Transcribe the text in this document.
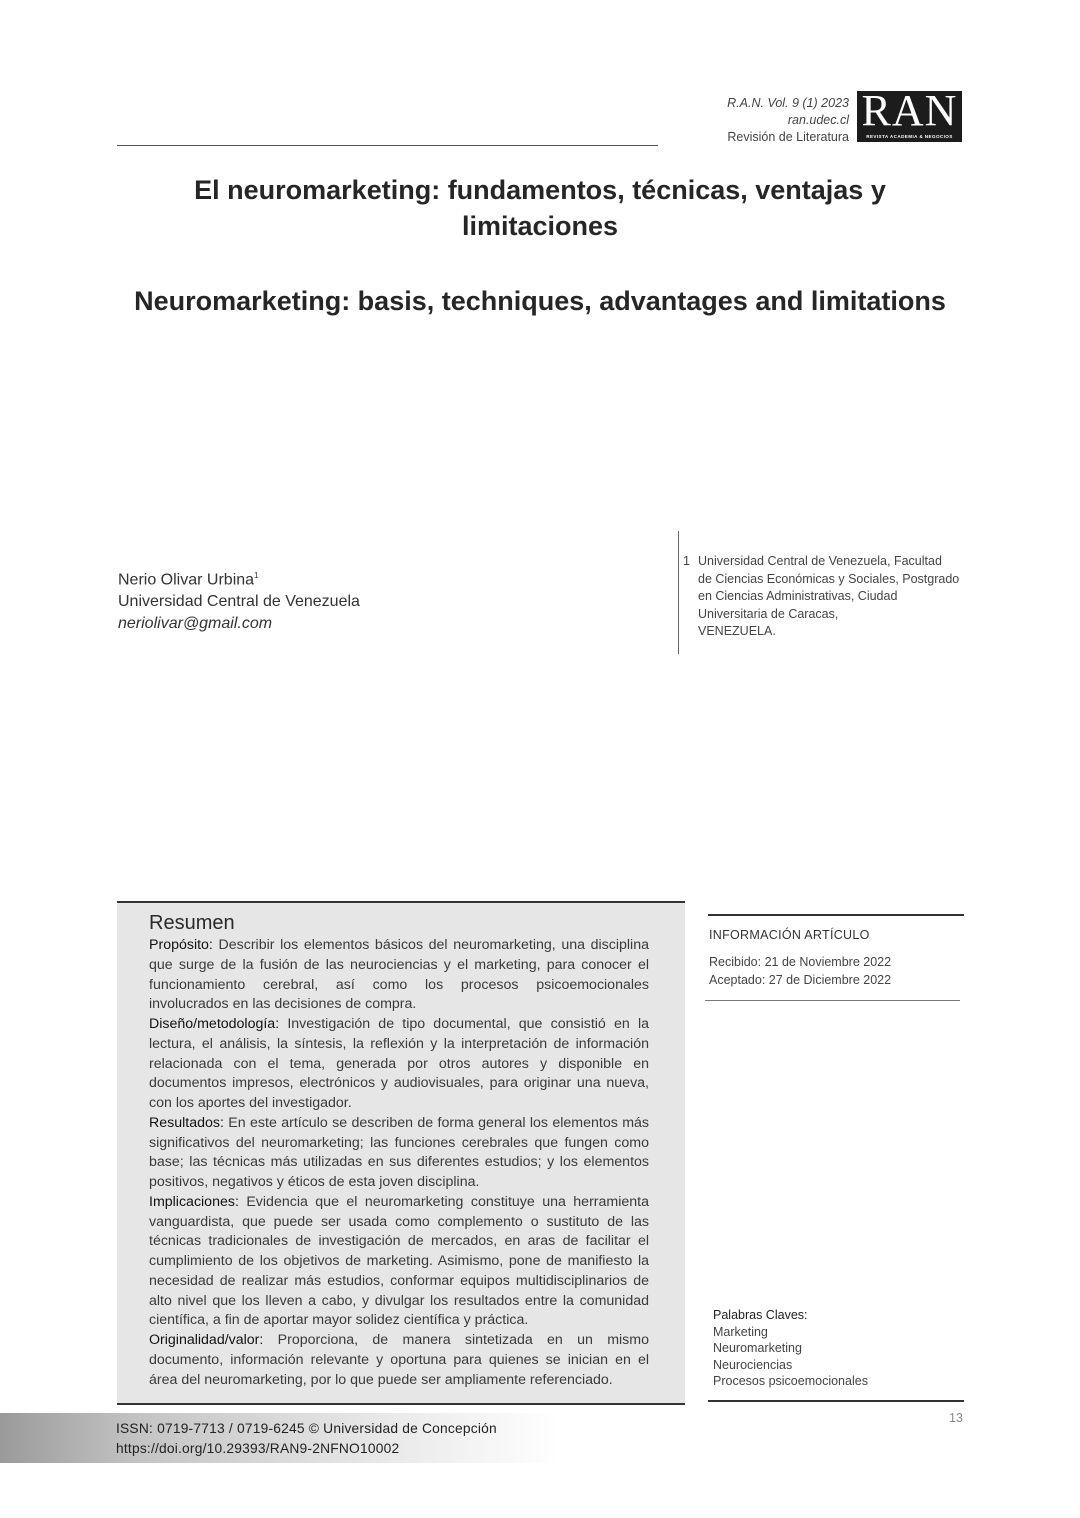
R.A.N. Vol. 9 (1) 2023
ran.udec.cl
Revisión de Literatura
RAN
REVISTA ACADEMIA & NEGOCIOS
El neuromarketing: fundamentos, técnicas, ventajas y limitaciones
Neuromarketing: basis, techniques, advantages and limitations
Nerio Olivar Urbina$^1$
Universidad Central de Venezuela
neriolivar@gmail.com
1 Universidad Central de Venezuela, Facultad
de Ciencias Económicas y Sociales, Postgrado
en Ciencias Administrativas, Ciudad
Universitaria de Caracas,
VENEZUELA.
Resumen

Propósito: Describir los elementos básicos del neuromarketing, una disciplina que surge de la fusión de las neurociencias y el marketing, para conocer el funcionamiento cerebral, así como los procesos psicoemocionales involucrados en las decisiones de compra.

Diseño/metodología: Investigación de tipo documental, que consistió en la lectura, el análisis, la síntesis, la reflexión y la interpretación de información relacionada con el tema, generada por otros autores y disponible en documentos impresos, electrónicos y audiovisuales, para originar una nueva, con los aportes del investigador.

Resultados: En este artículo se describen de forma general los elementos más significativos del neuromarketing; las funciones cerebrales que fungen como base; las técnicas más utilizadas en sus diferentes estudios; y los elementos positivos, negativos y éticos de esta joven disciplina.

Implicaciones: Evidencia que el neuromarketing constituye una herramienta vanguardista, que puede ser usada como complemento o sustituto de las técnicas tradicionales de investigación de mercados, en aras de facilitar el cumplimiento de los objetivos de marketing. Asimismo, pone de manifiesto la necesidad de realizar más estudios, conformar equipos multidisciplinarios de alto nivel que los lleven a cabo, y divulgar los resultados entre la comunidad científica, a fin de aportar mayor solidez científica y práctica.

Originalidad/valor: Proporciona, de manera sintetizada en un mismo documento, información relevante y oportuna para quienes se inician en el área del neuromarketing, por lo que puede ser ampliamente referenciado.

INFORMACIÓN ARTÍCULO
Recibido: 21 de Noviembre 2022
Aceptado: 27 de Diciembre 2022
Palabras Claves:
Marketing
Neuromarketing
Neurociencias
Procesos psicoemocionales
ISSN: 0719-7713 / 0719-6245 © Universidad de Concepción
https://doi.org/10.29393/RAN9-2NFNO10002
13
